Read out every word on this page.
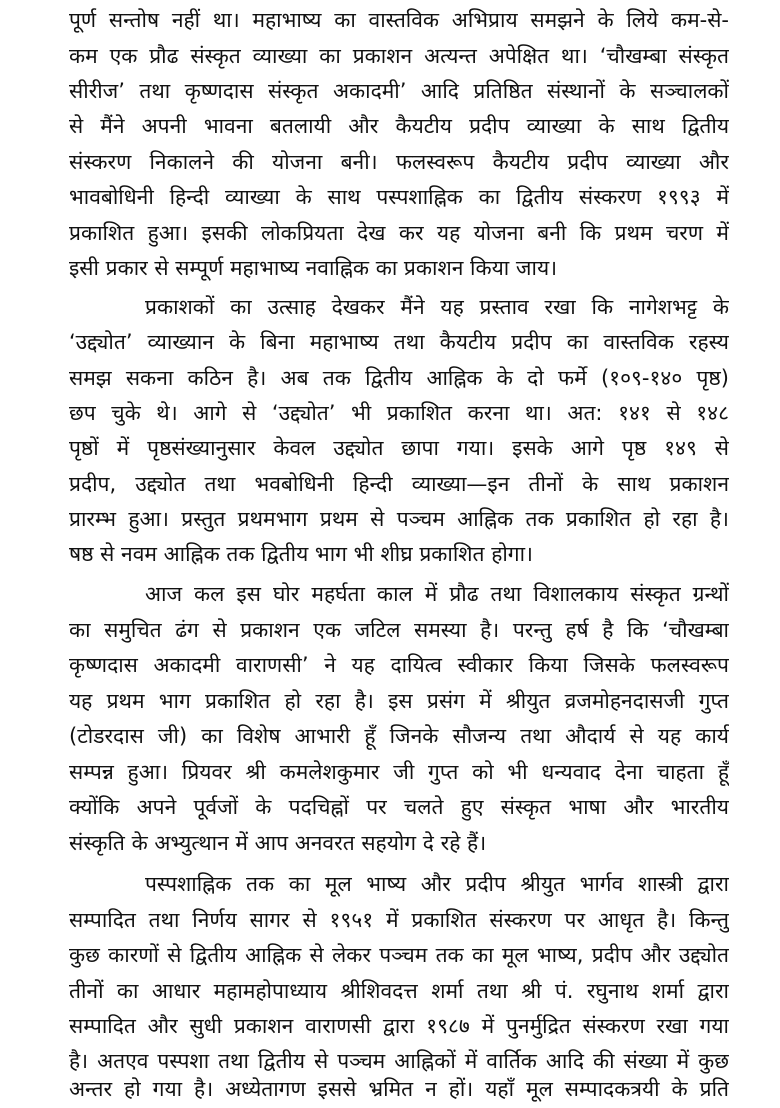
पूर्ण सन्तोष नहीं था। महाभाष्य का वास्तविक अभिप्राय समझने के लिये कम-से-
कम एक प्रौढ संस्कृत व्याख्या का प्रकाशन अत्यन्त अपेक्षित था। ‘चौखम्बा संस्कृत
सीरीज’ तथा कृष्णदास संस्कृत अकादमी’ आदि प्रतिष्ठित संस्थानों के सञ्चालकों
से मैंने अपनी भावना बतलायी और कैयटीय प्रदीप व्याख्या के साथ द्वितीय
संस्करण निकालने की योजना बनी। फलस्वरूप कैयटीय प्रदीप व्याख्या और
भावबोधिनी हिन्दी व्याख्या के साथ पस्पशाह्निक का द्वितीय संस्करण १९९३ में
प्रकाशित हुआ। इसकी लोकप्रियता देख कर यह योजना बनी कि प्रथम चरण में
इसी प्रकार से सम्पूर्ण महाभाष्य नवाह्निक का प्रकाशन किया जाय।
प्रकाशकों का उत्साह देखकर मैंने यह प्रस्ताव रखा कि नागेशभट्ट के
‘उद्द्योत’ व्याख्यान के बिना महाभाष्य तथा कैयटीय प्रदीप का वास्तविक रहस्य
समझ सकना कठिन है। अब तक द्वितीय आह्निक के दो फर्मे (१०९-१४० पृष्ठ)
छप चुके थे। आगे से ‘उद्द्योत’ भी प्रकाशित करना था। अत: १४१ से १४८
पृष्ठों में पृष्ठसंख्यानुसार केवल उद्द्योत छापा गया। इसके आगे पृष्ठ १४९ से
प्रदीप, उद्द्योत तथा भवबोधिनी हिन्दी व्याख्या—इन तीनों के साथ प्रकाशन
प्रारम्भ हुआ। प्रस्तुत प्रथमभाग प्रथम से पञ्चम आह्निक तक प्रकाशित हो रहा है।
षष्ठ से नवम आह्निक तक द्वितीय भाग भी शीघ्र प्रकाशित होगा।
आज कल इस घोर महर्घता काल में प्रौढ तथा विशालकाय संस्कृत ग्रन्थों
का समुचित ढंग से प्रकाशन एक जटिल समस्या है। परन्तु हर्ष है कि ‘चौखम्बा
कृष्णदास अकादमी वाराणसी’ ने यह दायित्व स्वीकार किया जिसके फलस्वरूप
यह प्रथम भाग प्रकाशित हो रहा है। इस प्रसंग में श्रीयुत व्रजमोहनदासजी गुप्त
(टोडरदास जी) का विशेष आभारी हूँ जिनके सौजन्य तथा औदार्य से यह कार्य
सम्पन्न हुआ। प्रियवर श्री कमलेशकुमार जी गुप्त को भी धन्यवाद देना चाहता हूँ
क्योंकि अपने पूर्वजों के पदचिह्नों पर चलते हुए संस्कृत भाषा और भारतीय
संस्कृति के अभ्युत्थान में आप अनवरत सहयोग दे रहे हैं।
पस्पशाह्निक तक का मूल भाष्य और प्रदीप श्रीयुत भार्गव शास्त्री द्वारा
सम्पादित तथा निर्णय सागर से १९५१ में प्रकाशित संस्करण पर आधृत है। किन्तु
कुछ कारणों से द्वितीय आह्निक से लेकर पञ्चम तक का मूल भाष्य, प्रदीप और उद्द्योत
तीनों का आधार महामहोपाध्याय श्रीशिवदत्त शर्मा तथा श्री पं. रघुनाथ शर्मा द्वारा
सम्पादित और सुधी प्रकाशन वाराणसी द्वारा १९८७ में पुनर्मुद्रित संस्करण रखा गया
है। अतएव पस्पशा तथा द्वितीय से पञ्चम आह्निकों में वार्तिक आदि की संख्या में कुछ
अन्तर हो गया है। अध्येतागण इससे भ्रमित न हों। यहाँ मूल सम्पादकत्रयी के प्रति
